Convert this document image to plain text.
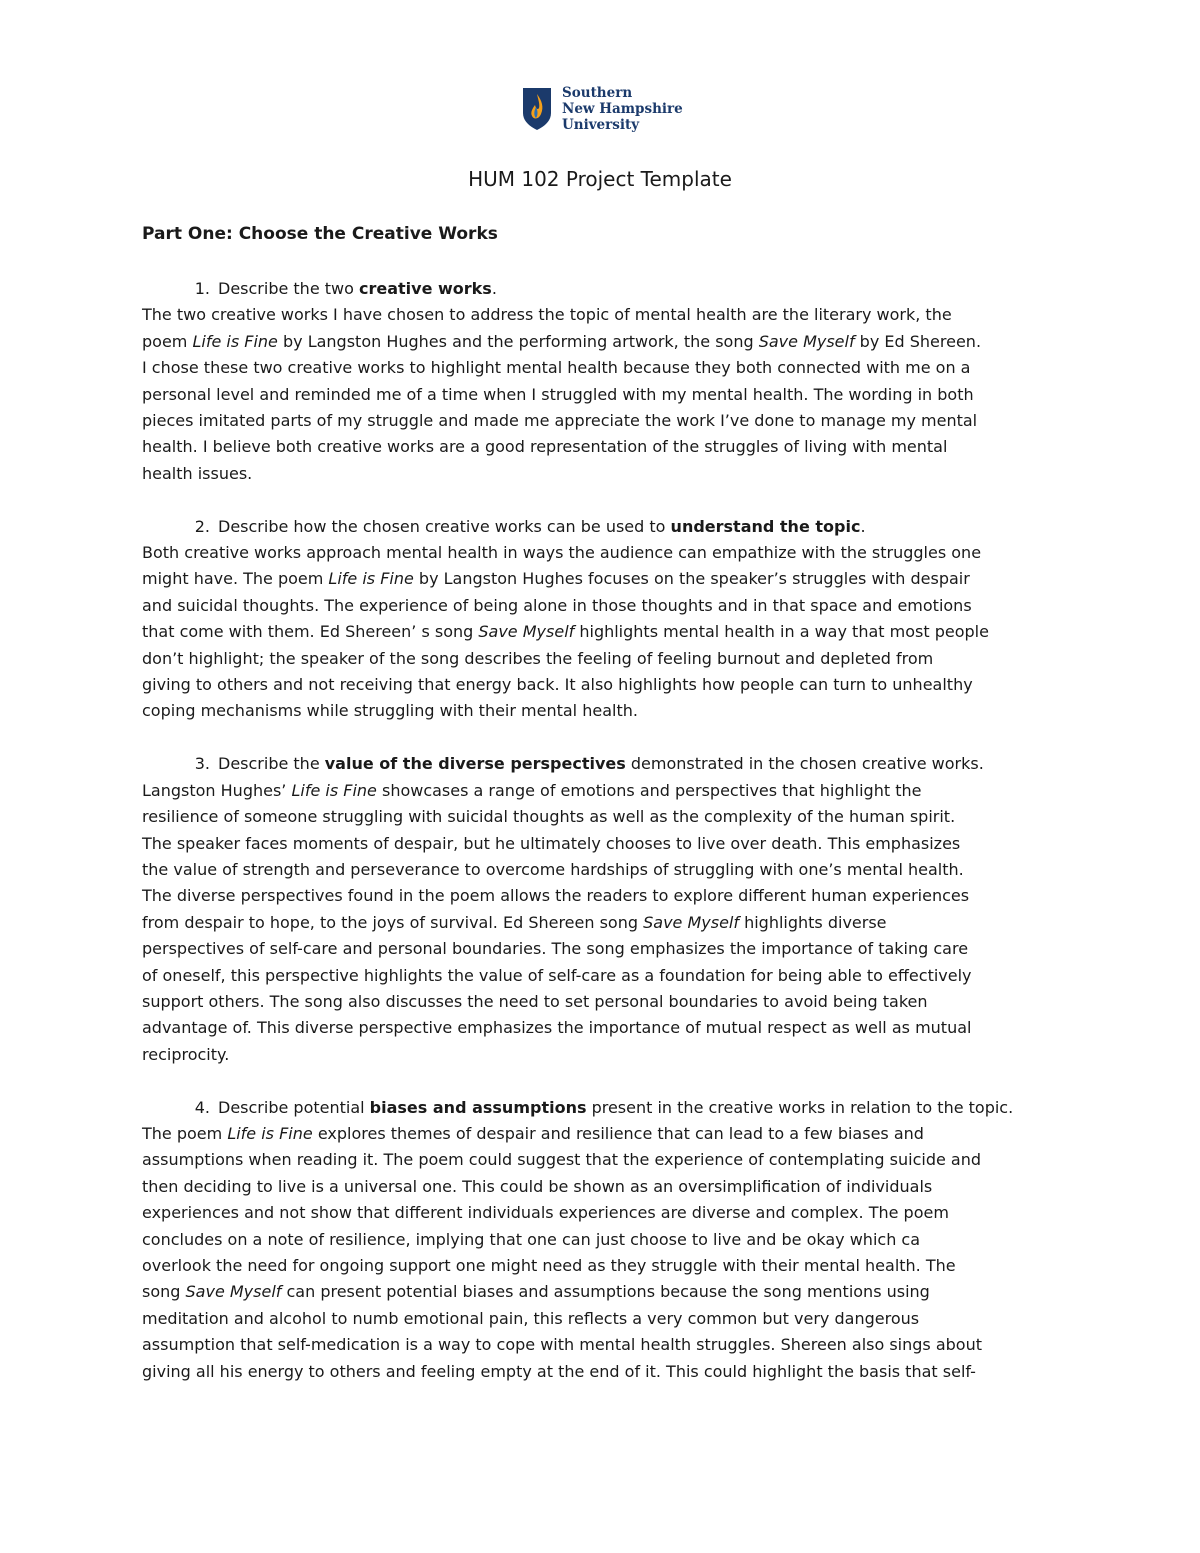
Southern
New Hampshire
University
HUM 102 Project Template
Part One: Choose the Creative Works
1. Describe the two creative works.
The two creative works I have chosen to address the topic of mental health are the literary work, the
poem Life is Fine by Langston Hughes and the performing artwork, the song Save Myself by Ed Shereen.
I chose these two creative works to highlight mental health because they both connected with me on a
personal level and reminded me of a time when I struggled with my mental health. The wording in both
pieces imitated parts of my struggle and made me appreciate the work I’ve done to manage my mental
health. I believe both creative works are a good representation of the struggles of living with mental
health issues.
2. Describe how the chosen creative works can be used to understand the topic.
Both creative works approach mental health in ways the audience can empathize with the struggles one
might have. The poem Life is Fine by Langston Hughes focuses on the speaker’s struggles with despair
and suicidal thoughts. The experience of being alone in those thoughts and in that space and emotions
that come with them. Ed Shereen’ s song Save Myself highlights mental health in a way that most people
don’t highlight; the speaker of the song describes the feeling of feeling burnout and depleted from
giving to others and not receiving that energy back. It also highlights how people can turn to unhealthy
coping mechanisms while struggling with their mental health.
3. Describe the value of the diverse perspectives demonstrated in the chosen creative works.
Langston Hughes’ Life is Fine showcases a range of emotions and perspectives that highlight the
resilience of someone struggling with suicidal thoughts as well as the complexity of the human spirit.
The speaker faces moments of despair, but he ultimately chooses to live over death. This emphasizes
the value of strength and perseverance to overcome hardships of struggling with one’s mental health.
The diverse perspectives found in the poem allows the readers to explore different human experiences
from despair to hope, to the joys of survival. Ed Shereen song Save Myself highlights diverse
perspectives of self-care and personal boundaries. The song emphasizes the importance of taking care
of oneself, this perspective highlights the value of self-care as a foundation for being able to effectively
support others. The song also discusses the need to set personal boundaries to avoid being taken
advantage of. This diverse perspective emphasizes the importance of mutual respect as well as mutual
reciprocity.
4. Describe potential biases and assumptions present in the creative works in relation to the topic.
The poem Life is Fine explores themes of despair and resilience that can lead to a few biases and
assumptions when reading it. The poem could suggest that the experience of contemplating suicide and
then deciding to live is a universal one. This could be shown as an oversimplification of individuals
experiences and not show that different individuals experiences are diverse and complex. The poem
concludes on a note of resilience, implying that one can just choose to live and be okay which ca
overlook the need for ongoing support one might need as they struggle with their mental health. The
song Save Myself can present potential biases and assumptions because the song mentions using
meditation and alcohol to numb emotional pain, this reflects a very common but very dangerous
assumption that self-medication is a way to cope with mental health struggles. Shereen also sings about
giving all his energy to others and feeling empty at the end of it. This could highlight the basis that self-
